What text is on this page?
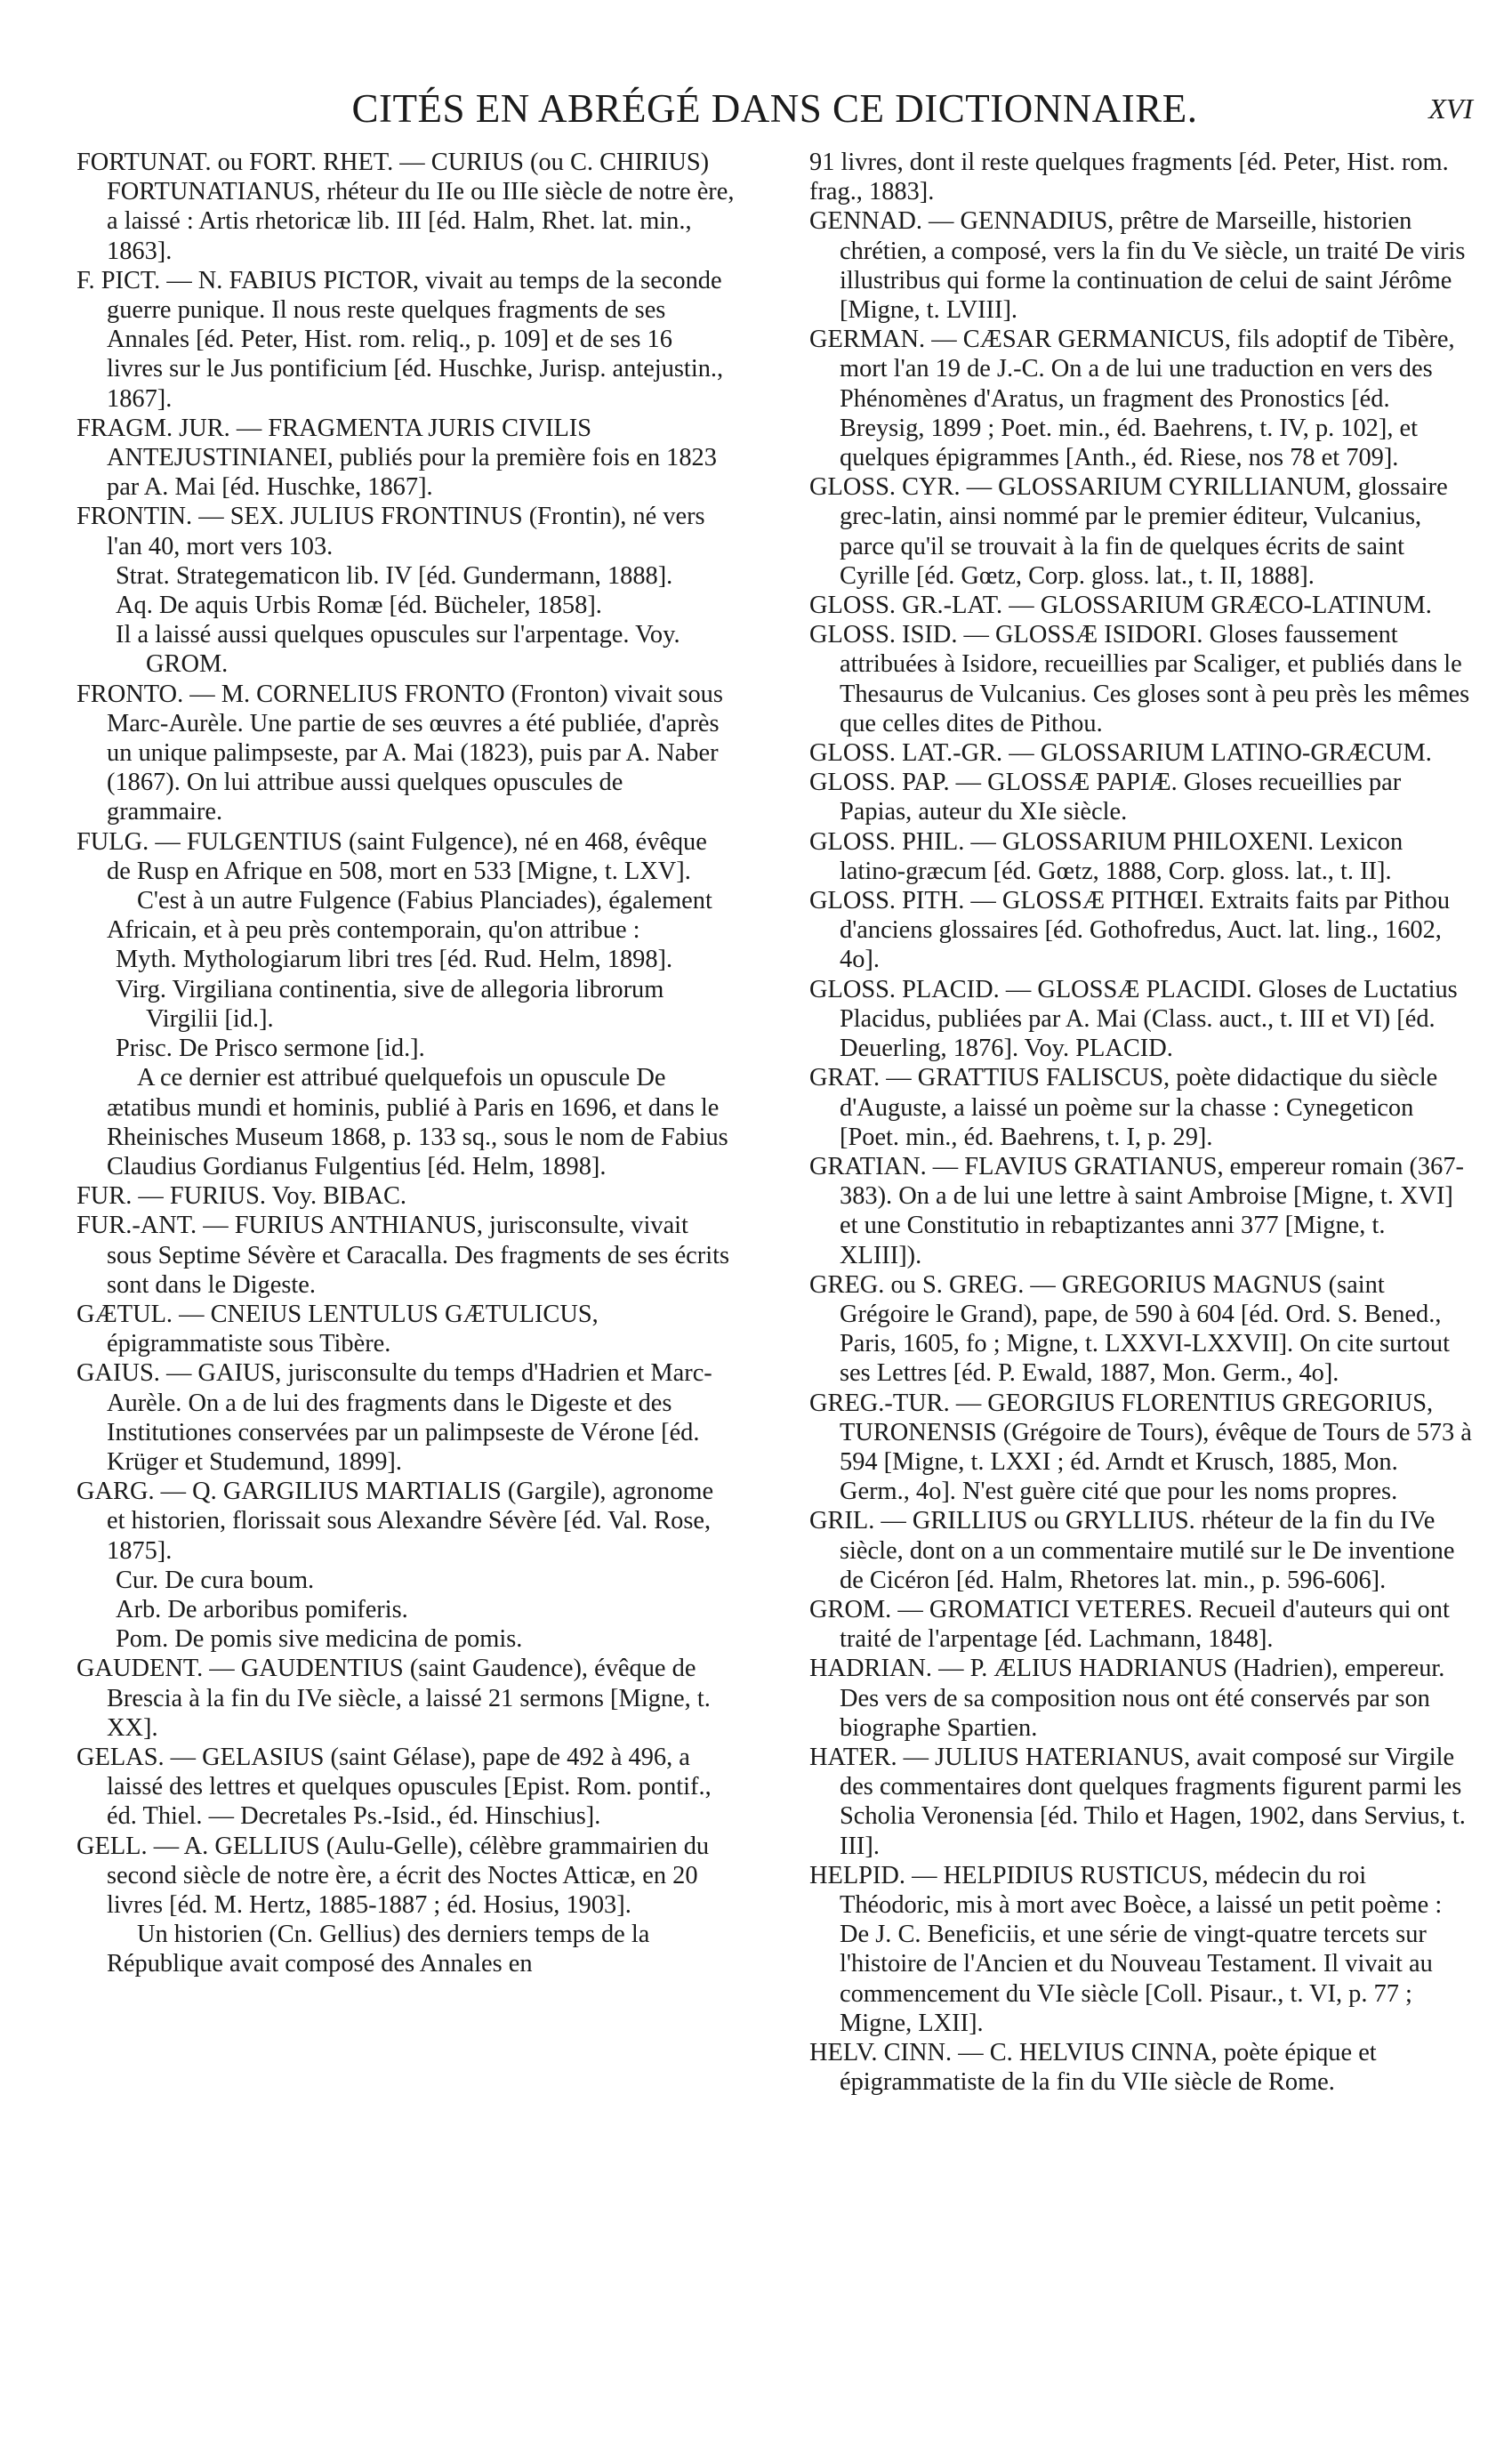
CITÉS EN ABRÉGÉ DANS CE DICTIONNAIRE.	XVI

FORTUNAT. ou FORT. RHET. — CURIUS (ou C. CHIRIUS) FORTUNATIANUS, rhéteur du IIe ou IIIe siècle de notre ère, a laissé : Artis rhetoricæ lib. III [éd. Halm, Rhet. lat. min., 1863].

F. PICT. — N. FABIUS PICTOR, vivait au temps de la seconde guerre punique. Il nous reste quelques fragments de ses Annales [éd. Peter, Hist. rom. reliq., p. 109] et de ses 16 livres sur le Jus pontificium [éd. Huschke, Jurisp. antejustin., 1867].

FRAGM. JUR. — FRAGMENTA JURIS CIVILIS ANTEJUSTINIANEI, publiés pour la première fois en 1823 par A. Mai [éd. Huschke, 1867].

FRONTIN. — SEX. JULIUS FRONTINUS (Frontin), né vers l'an 40, mort vers 103.

Strat. Strategematicon lib. IV [éd. Gundermann, 1888].

Aq. De aquis Urbis Romæ [éd. Bücheler, 1858].

Il a laissé aussi quelques opuscules sur l'arpentage. Voy. GROM.

FRONTO. — M. CORNELIUS FRONTO (Fronton) vivait sous Marc-Aurèle. Une partie de ses œuvres a été publiée, d'après un unique palimpseste, par A. Mai (1823), puis par A. Naber (1867). On lui attribue aussi quelques opuscules de grammaire.

FULG. — FULGENTIUS (saint Fulgence), né en 468, évêque de Rusp en Afrique en 508, mort en 533 [Migne, t. LXV].

C'est à un autre Fulgence (Fabius Planciades), également Africain, et à peu près contemporain, qu'on attribue :

Myth. Mythologiarum libri tres [éd. Rud. Helm, 1898].

Virg. Virgiliana continentia, sive de allegoria librorum Virgilii [id.].

Prisc. De Prisco sermone [id.].

A ce dernier est attribué quelquefois un opuscule De ætatibus mundi et hominis, publié à Paris en 1696, et dans le Rheinisches Museum 1868, p. 133 sq., sous le nom de Fabius Claudius Gordianus Fulgentius [éd. Helm, 1898].

FUR. — FURIUS. Voy. BIBAC.

FUR.-ANT. — FURIUS ANTHIANUS, jurisconsulte, vivait sous Septime Sévère et Caracalla. Des fragments de ses écrits sont dans le Digeste.

GÆTUL. — CNEIUS LENTULUS GÆTULICUS, épigrammatiste sous Tibère.

GAIUS. — GAIUS, jurisconsulte du temps d'Hadrien et Marc-Aurèle. On a de lui des fragments dans le Digeste et des Institutiones conservées par un palimpseste de Vérone [éd. Krüger et Studemund, 1899].

GARG. — Q. GARGILIUS MARTIALIS (Gargile), agronome et historien, florissait sous Alexandre Sévère [éd. Val. Rose, 1875].

Cur. De cura boum.

Arb. De arboribus pomiferis.

Pom. De pomis sive medicina de pomis.

GAUDENT. — GAUDENTIUS (saint Gaudence), évêque de Brescia à la fin du IVe siècle, a laissé 21 sermons [Migne, t. XX].

GELAS. — GELASIUS (saint Gélase), pape de 492 à 496, a laissé des lettres et quelques opuscules [Epist. Rom. pontif., éd. Thiel. — Decretales Ps.-Isid., éd. Hinschius].

GELL. — A. GELLIUS (Aulu-Gelle), célèbre grammairien du second siècle de notre ère, a écrit des Noctes Atticæ, en 20 livres [éd. M. Hertz, 1885-1887 ; éd. Hosius, 1903].

Un historien (Cn. Gellius) des derniers temps de la République avait composé des Annales en

91 livres, dont il reste quelques fragments [éd. Peter, Hist. rom. frag., 1883].

GENNAD. — GENNADIUS, prêtre de Marseille, historien chrétien, a composé, vers la fin du Ve siècle, un traité De viris illustribus qui forme la continuation de celui de saint Jérôme [Migne, t. LVIII].

GERMAN. — CÆSAR GERMANICUS, fils adoptif de Tibère, mort l'an 19 de J.-C. On a de lui une traduction en vers des Phénomènes d'Aratus, un fragment des Pronostics [éd. Breysig, 1899 ; Poet. min., éd. Baehrens, t. IV, p. 102], et quelques épigrammes [Anth., éd. Riese, nos 78 et 709].

GLOSS. CYR. — GLOSSARIUM CYRILLIANUM, glossaire grec-latin, ainsi nommé par le premier éditeur, Vulcanius, parce qu'il se trouvait à la fin de quelques écrits de saint Cyrille [éd. Gœtz, Corp. gloss. lat., t. II, 1888].

GLOSS. GR.-LAT. — GLOSSARIUM GRÆCO-LATINUM.

GLOSS. ISID. — GLOSSÆ ISIDORI. Gloses faussement attribuées à Isidore, recueillies par Scaliger, et publiés dans le Thesaurus de Vulcanius. Ces gloses sont à peu près les mêmes que celles dites de Pithou.

GLOSS. LAT.-GR. — GLOSSARIUM LATINO-GRÆCUM.

GLOSS. PAP. — GLOSSÆ PAPIÆ. Gloses recueillies par Papias, auteur du XIe siècle.

GLOSS. PHIL. — GLOSSARIUM PHILOXENI. Lexicon latino-græcum [éd. Gœtz, 1888, Corp. gloss. lat., t. II].

GLOSS. PITH. — GLOSSÆ PITHŒI. Extraits faits par Pithou d'anciens glossaires [éd. Gothofredus, Auct. lat. ling., 1602, 4o].

GLOSS. PLACID. — GLOSSÆ PLACIDI. Gloses de Luctatius Placidus, publiées par A. Mai (Class. auct., t. III et VI) [éd. Deuerling, 1876]. Voy. PLACID.

GRAT. — GRATTIUS FALISCUS, poète didactique du siècle d'Auguste, a laissé un poème sur la chasse : Cynegeticon [Poet. min., éd. Baehrens, t. I, p. 29].

GRATIAN. — FLAVIUS GRATIANUS, empereur romain (367-383). On a de lui une lettre à saint Ambroise [Migne, t. XVI] et une Constitutio in rebaptizantes anni 377 [Migne, t. XLIII]).

GREG. ou S. GREG. — GREGORIUS MAGNUS (saint Grégoire le Grand), pape, de 590 à 604 [éd. Ord. S. Bened., Paris, 1605, fo ; Migne, t. LXXVI-LXXVII]. On cite surtout ses Lettres [éd. P. Ewald, 1887, Mon. Germ., 4o].

GREG.-TUR. — GEORGIUS FLORENTIUS GREGORIUS, TURONENSIS (Grégoire de Tours), évêque de Tours de 573 à 594 [Migne, t. LXXI ; éd. Arndt et Krusch, 1885, Mon. Germ., 4o]. N'est guère cité que pour les noms propres.

GRIL. — GRILLIUS ou GRYLLIUS. rhéteur de la fin du IVe siècle, dont on a un commentaire mutilé sur le De inventione de Cicéron [éd. Halm, Rhetores lat. min., p. 596-606].

GROM. — GROMATICI VETERES. Recueil d'auteurs qui ont traité de l'arpentage [éd. Lachmann, 1848].

HADRIAN. — P. ÆLIUS HADRIANUS (Hadrien), empereur. Des vers de sa composition nous ont été conservés par son biographe Spartien.

HATER. — JULIUS HATERIANUS, avait composé sur Virgile des commentaires dont quelques fragments figurent parmi les Scholia Veronensia [éd. Thilo et Hagen, 1902, dans Servius, t. III].

HELPID. — HELPIDIUS RUSTICUS, médecin du roi Théodoric, mis à mort avec Boèce, a laissé un petit poème : De J. C. Beneficiis, et une série de vingt-quatre tercets sur l'histoire de l'Ancien et du Nouveau Testament. Il vivait au commencement du VIe siècle [Coll. Pisaur., t. VI, p. 77 ; Migne, LXII].

HELV. CINN. — C. HELVIUS CINNA, poète épique et épigrammatiste de la fin du VIIe siècle de Rome.
